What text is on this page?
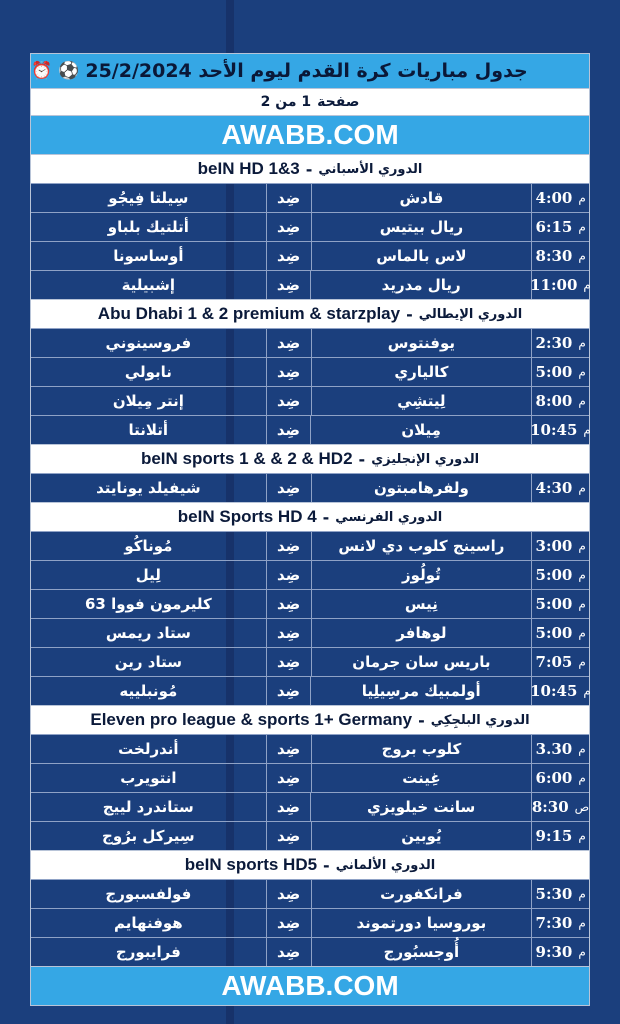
جدول مباريات كرة القدم ليوم الأحد 25/2/2024
⚽
⏰
صفحة
1 من 2
AWABB.COM
beIN HD 1&3 - الدوري الأسباني
م
4:00
قادش
ضِد
سِيلتا فِيجُو
م
6:15
ريال بيتيس
ضِد
أتلتيك بلباو
م
8:30
لاس بالماس
ضِد
أوساسونا
م
11:00
ريال مدريد
ضِد
إشبيلية
Abu Dhabi 1 & 2 premium & starzplay - الدوري الإيطالي
م
2:30
يوفنتوس
ضِد
فروسينوني
م
5:00
كالياري
ضِد
نابولي
م
8:00
لِيتشِي
ضِد
إنتر مِيلان
م
10:45
مِيلان
ضِد
أتلانتا
beIN sports 1 & & 2 & HD2 - الدوري الإنجليزي
م
4:30
ولفرهامبتون
ضِد
شيفيلد يونايتد
beIN Sports HD 4 - الدوري الفرنسي
م
3:00
راسينج كلوب دي لانس
ضِد
مُوناكُو
م
5:00
تُولُوز
ضِد
لِيل
م
5:00
نِيس
ضِد
كليرمون فووا 63
م
5:00
لوهافر
ضِد
ستاد ريمس
م
7:05
باريس سان جرمان
ضِد
ستاد رين
م
10:45
أولمبيك مرسِيلِيا
ضِد
مُونبلييه
Eleven pro league & sports 1+ Germany - الدوري البلجِكِي
م
3.30
كلوب بروج
ضِد
أندرلخت
م
6:00
غِينت
ضِد
انتويرب
ص
8:30
سانت خيلويزي
ضِد
ستاندرد لييج
م
9:15
يُوبين
ضِد
سِيركل برُوج
beIN sports HD5 - الدوري الألماني
م
5:30
فرانكفورت
ضِد
فولفسبورج
م
7:30
بوروسيا دورتموند
ضِد
هوفنهايم
م
9:30
أُوجسبُورج
ضِد
فرايبورج
AWABB.COM
